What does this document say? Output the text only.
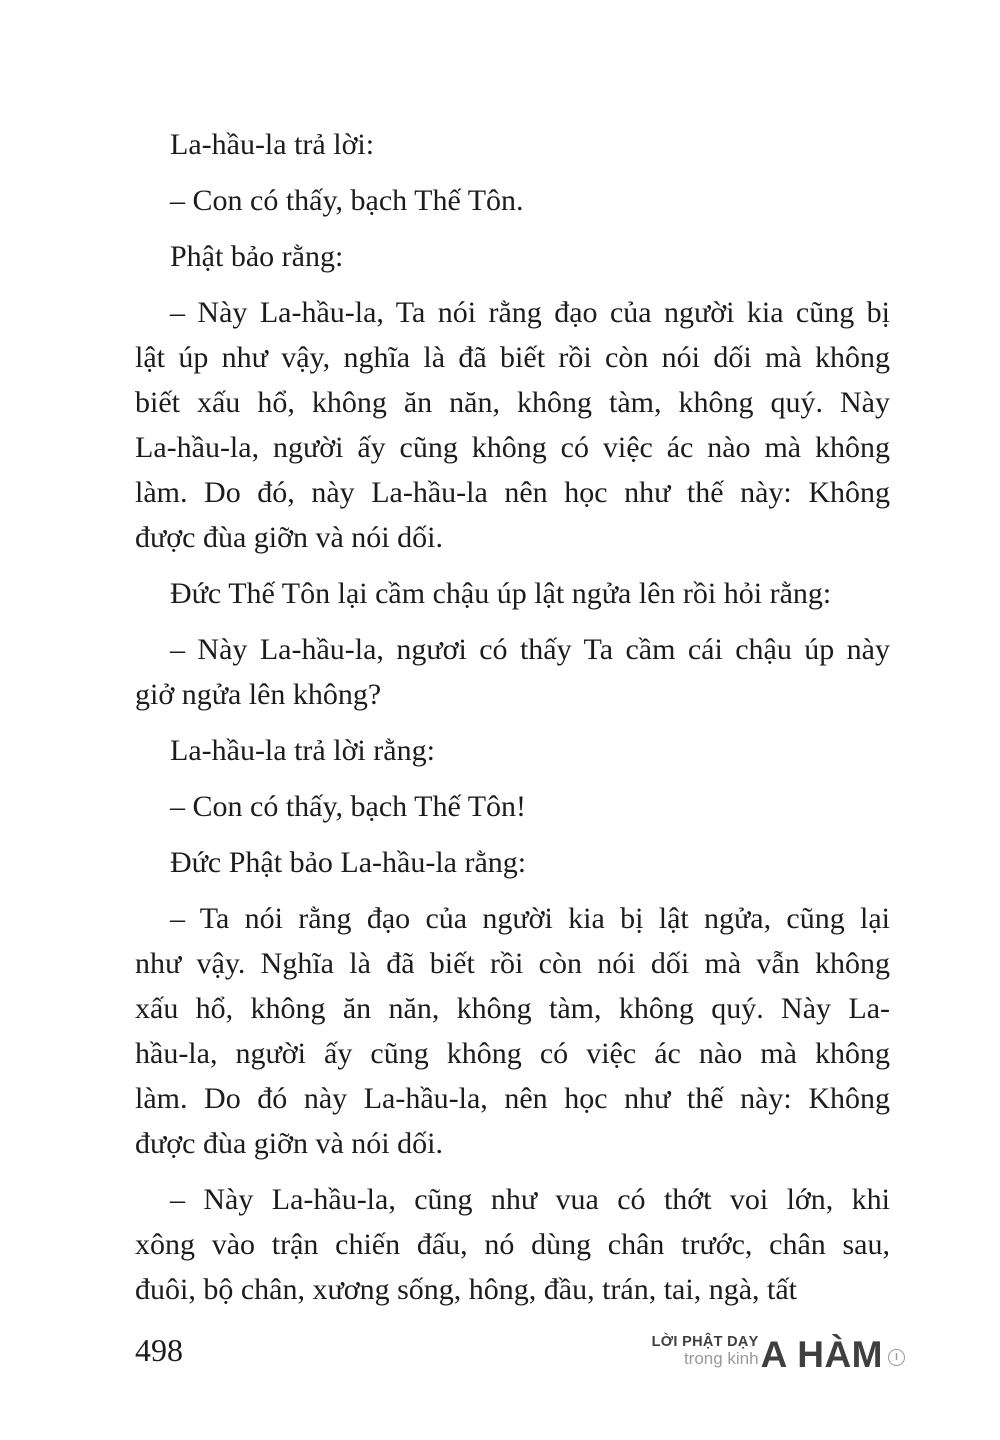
La-hầu-la trả lời:
– Con có thấy, bạch Thế Tôn.
Phật bảo rằng:
– Này La-hầu-la, Ta nói rằng đạo của người kia cũng bị
lật úp như vậy, nghĩa là đã biết rồi còn nói dối mà không
biết xấu hổ, không ăn năn, không tàm, không quý. Này
La-hầu-la, người ấy cũng không có việc ác nào mà không
làm. Do đó, này La-hầu-la nên học như thế này: Không
được đùa giỡn và nói dối.
Đức Thế Tôn lại cầm chậu úp lật ngửa lên rồi hỏi rằng:
– Này La-hầu-la, ngươi có thấy Ta cầm cái chậu úp này
giở ngửa lên không?
La-hầu-la trả lời rằng:
– Con có thấy, bạch Thế Tôn!
Đức Phật bảo La-hầu-la rằng:
– Ta nói rằng đạo của người kia bị lật ngửa, cũng lại
như vậy. Nghĩa là đã biết rồi còn nói dối mà vẫn không
xấu hổ, không ăn năn, không tàm, không quý. Này La-
hầu-la, người ấy cũng không có việc ác nào mà không
làm. Do đó này La-hầu-la, nên học như thế này: Không
được đùa giỡn và nói dối.
– Này La-hầu-la, cũng như vua có thớt voi lớn, khi
xông vào trận chiến đấu, nó dùng chân trước, chân sau,
đuôi, bộ chân, xương sống, hông, đầu, trán, tai, ngà, tất
498	LỜI PHẬT DẠY
trong kinh A HÀM	I
